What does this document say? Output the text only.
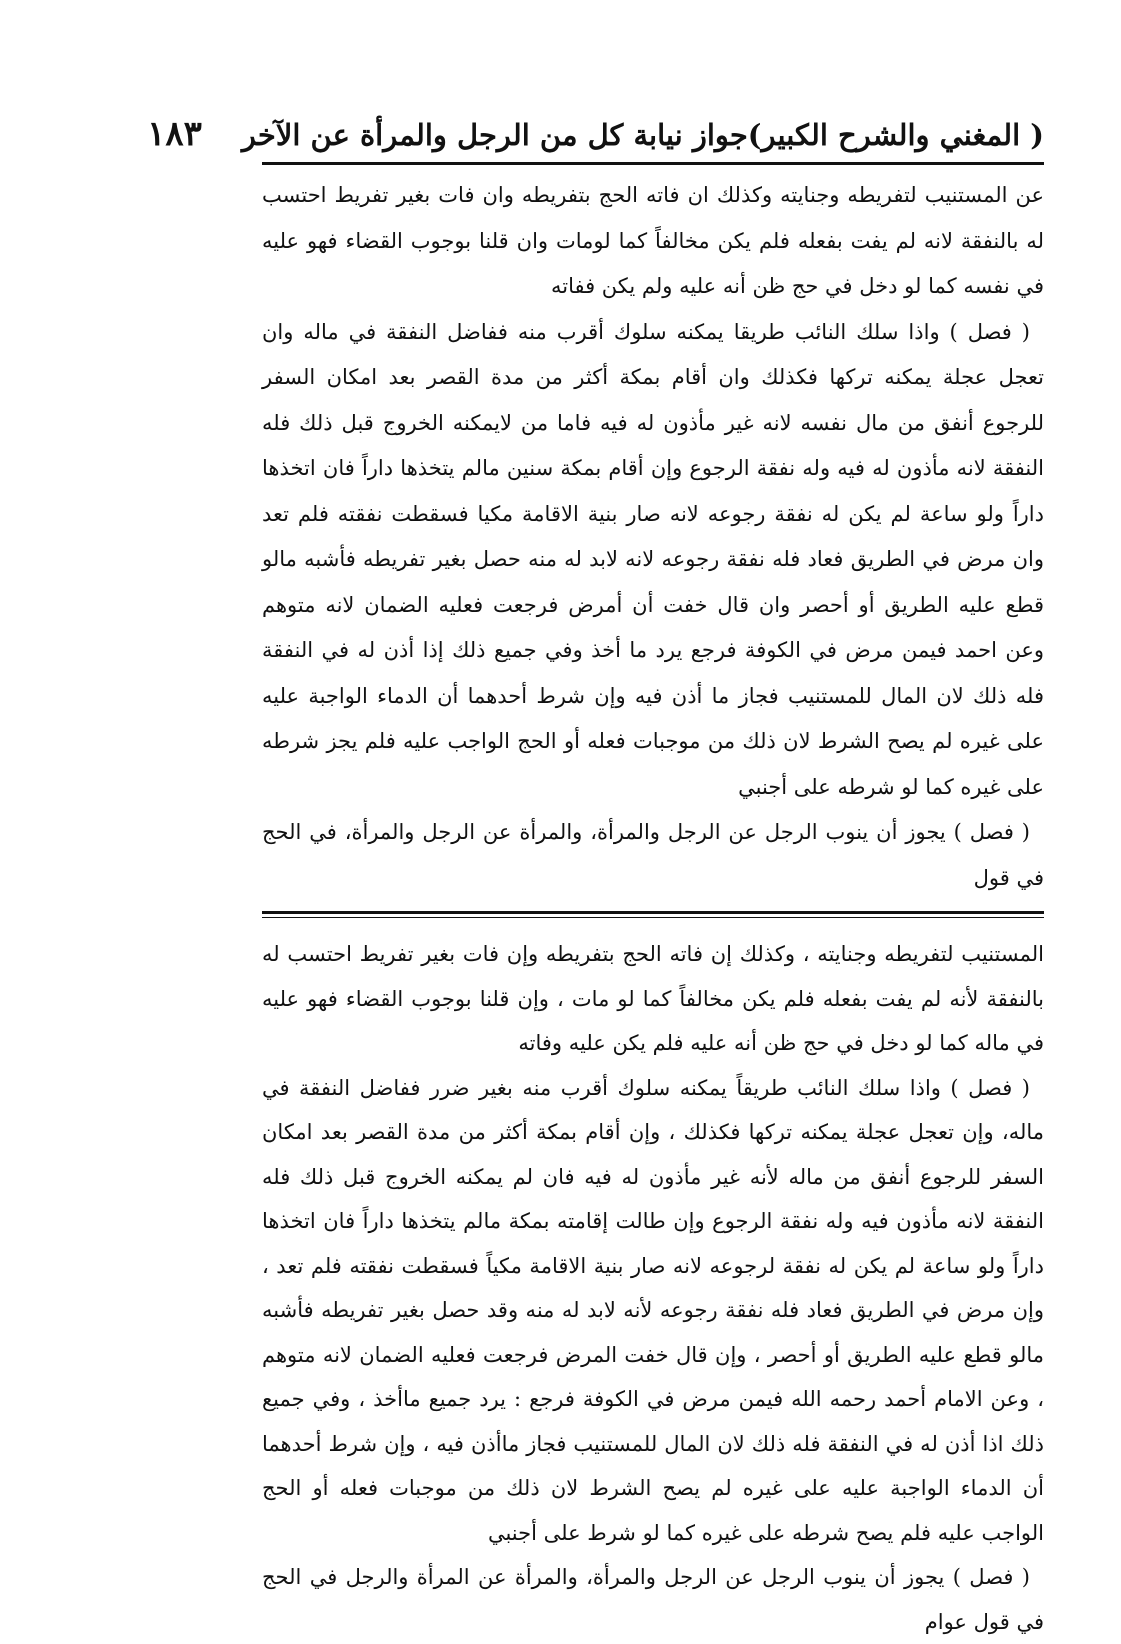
( المغني والشرح الكبير)
جواز نيابة كل من الرجل والمرأة عن الآخر
١٨٣

عن المستنيب لتفريطه وجنايته وكذلك ان فاته الحج بتفريطه وان فات بغير تفريط احتسب له بالنفقة لانه لم يفت بفعله فلم يكن مخالفاً كما لومات وان قلنا بوجوب القضاء فهو عليه في نفسه كما لو دخل في حج ظن أنه عليه ولم يكن ففاته

( فصل ) واذا سلك النائب طريقا يمكنه سلوك أقرب منه ففاضل النفقة في ماله وان تعجل عجلة يمكنه تركها فكذلك وان أقام بمكة أكثر من مدة القصر بعد امكان السفر للرجوع أنفق من مال نفسه لانه غير مأذون له فيه فاما من لايمكنه الخروج قبل ذلك فله النفقة لانه مأذون له فيه وله نفقة الرجوع وإن أقام بمكة سنين مالم يتخذها داراً فان اتخذها داراً ولو ساعة لم يكن له نفقة رجوعه لانه صار بنية الاقامة مكيا فسقطت نفقته فلم تعد وان مرض في الطريق فعاد فله نفقة رجوعه لانه لابد له منه حصل بغير تفريطه فأشبه مالو قطع عليه الطريق أو أحصر وان قال خفت أن أمرض فرجعت فعليه الضمان لانه متوهم وعن احمد فيمن مرض في الكوفة فرجع يرد ما أخذ وفي جميع ذلك إذا أذن له في النفقة فله ذلك لان المال للمستنيب فجاز ما أذن فيه وإن شرط أحدهما أن الدماء الواجبة عليه على غيره لم يصح الشرط لان ذلك من موجبات فعله أو الحج الواجب عليه فلم يجز شرطه على غيره كما لو شرطه على أجنبي

( فصل ) يجوز أن ينوب الرجل عن الرجل والمرأة، والمرأة عن الرجل والمرأة، في الحج في قول

المستنيب لتفريطه وجنايته ، وكذلك إن فاته الحج بتفريطه وإن فات بغير تفريط احتسب له بالنفقة لأنه لم يفت بفعله فلم يكن مخالفاً كما لو مات ، وإن قلنا بوجوب القضاء فهو عليه في ماله كما لو دخل في حج ظن أنه عليه فلم يكن عليه وفاته

( فصل ) واذا سلك النائب طريقاً يمكنه سلوك أقرب منه بغير ضرر ففاضل النفقة في ماله، وإن تعجل عجلة يمكنه تركها فكذلك ، وإن أقام بمكة أكثر من مدة القصر بعد امكان السفر للرجوع أنفق من ماله لأنه غير مأذون له فيه فان لم يمكنه الخروج قبل ذلك فله النفقة لانه مأذون فيه وله نفقة الرجوع وإن طالت إقامته بمكة مالم يتخذها داراً فان اتخذها داراً ولو ساعة لم يكن له نفقة لرجوعه لانه صار بنية الاقامة مكياً فسقطت نفقته فلم تعد ، وإن مرض في الطريق فعاد فله نفقة رجوعه لأنه لابد له منه وقد حصل بغير تفريطه فأشبه مالو قطع عليه الطريق أو أحصر ، وإن قال خفت المرض فرجعت فعليه الضمان لانه متوهم ، وعن الامام أحمد رحمه الله فيمن مرض في الكوفة فرجع : يرد جميع ماأخذ ، وفي جميع ذلك اذا أذن له في النفقة فله ذلك لان المال للمستنيب فجاز ماأذن فيه ، وإن شرط أحدهما أن الدماء الواجبة عليه على غيره لم يصح الشرط لان ذلك من موجبات فعله أو الحج الواجب عليه فلم يصح شرطه على غيره كما لو شرط على أجنبي

( فصل ) يجوز أن ينوب الرجل عن الرجل والمرأة، والمرأة عن المرأة والرجل في الحج في قول عوام
